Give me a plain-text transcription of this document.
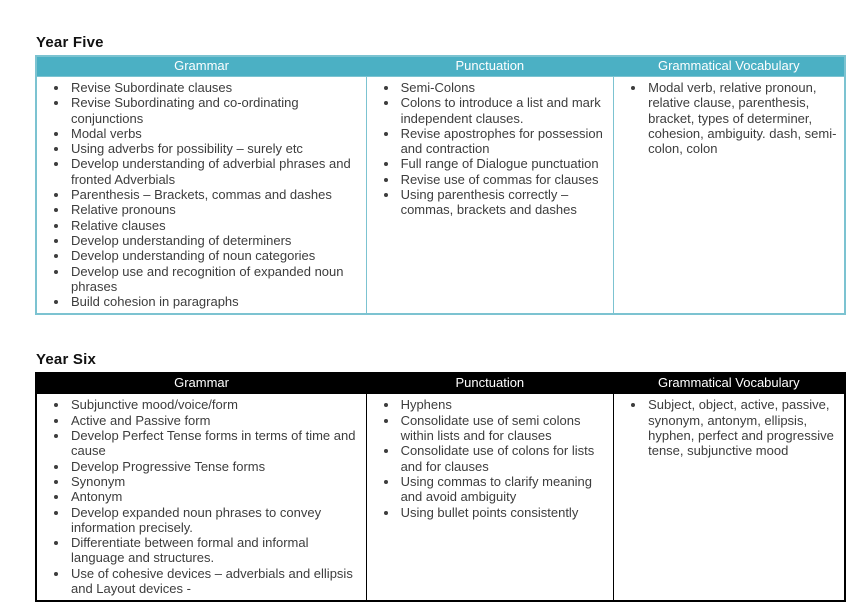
Year Five
Grammar	Punctuation	Grammatical Vocabulary

• Revise Subordinate clauses
• Revise Subordinating and co-ordinating conjunctions
• Modal verbs
• Using adverbs for possibility – surely etc
• Develop understanding of adverbial phrases and fronted Adverbials
• Parenthesis – Brackets, commas and dashes
• Relative pronouns
• Relative clauses
• Develop understanding of determiners
• Develop understanding of noun categories
• Develop use and recognition of expanded noun phrases
• Build cohesion in paragraphs

• Semi-Colons
• Colons to introduce a list and mark independent clauses.
• Revise apostrophes for possession and contraction
• Full range of Dialogue punctuation
• Revise use of commas for clauses
• Using parenthesis correctly – commas, brackets and dashes

• Modal verb, relative pronoun, relative clause, parenthesis, bracket, types of determiner, cohesion, ambiguity. dash, semi-colon, colon
Year Six
Grammar	Punctuation	Grammatical Vocabulary

• Subjunctive mood/voice/form
• Active and Passive form
• Develop Perfect Tense forms in terms of time and cause
• Develop Progressive Tense forms
• Synonym
• Antonym
• Develop expanded noun phrases to convey information precisely.
• Differentiate between formal and informal language and structures.
• Use of cohesive devices – adverbials and ellipsis and Layout devices -

• Hyphens
• Consolidate use of semi colons within lists and for clauses
• Consolidate use of colons for lists and for clauses
• Using commas to clarify meaning and avoid ambiguity
• Using bullet points consistently

• Subject, object, active, passive, synonym, antonym, ellipsis, hyphen, perfect and progressive tense, subjunctive mood
